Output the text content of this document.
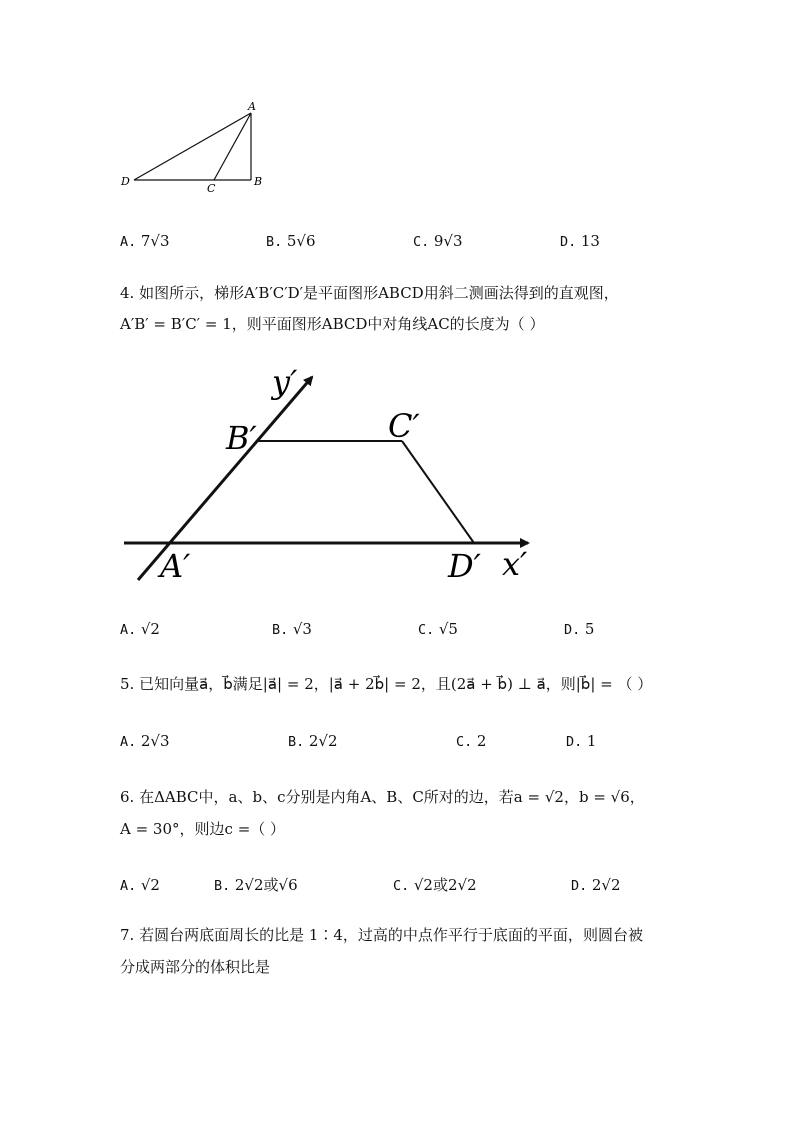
A
B
C
D
A. 7√3	B. 5√6	C. 9√3	D. 13
4. 如图所示，梯形A′B′C′D′是平面图形ABCD用斜二测画法得到的直观图，
A′B′ = B′C′ = 1，则平面图形ABCD中对角线AC的长度为（ ）
y′
B′	C′
A′	D′ x′
A. √2	B. √3	C. √5	D. 5
5. 已知向量a⃗，b⃗满足|a⃗| = 2，|a⃗ + 2b⃗| = 2，且(2a⃗ + b⃗) ⊥ a⃗，则|b⃗| = （ ）
A. 2√3	B. 2√2	C. 2	D. 1
6. 在ΔABC中，a、b、c分别是内角A、B、C所对的边，若a = √2，b = √6，
A = 30°，则边c =（ ）
A. √2	B. 2√2或√6	C. √2或2√2	D. 2√2
7. 若圆台两底面周长的比是 1∶4，过高的中点作平行于底面的平面，则圆台被
分成两部分的体积比是
